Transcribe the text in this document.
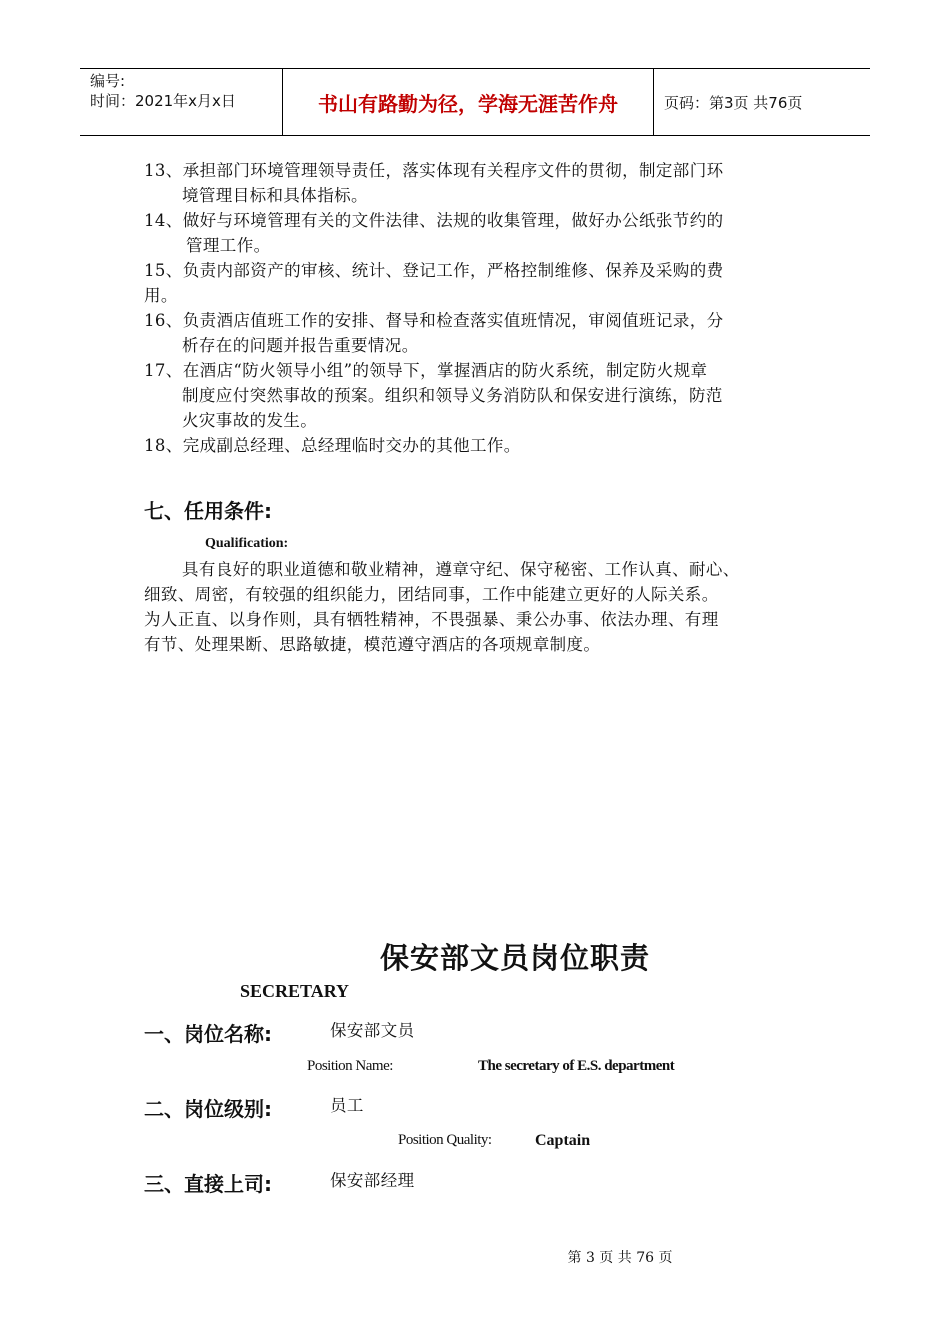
编号:
时间：2021年x月x日	书山有路勤为径，学海无涯苦作舟	页码：第3页 共76页
13、承担部门环境管理领导责任，落实体现有关程序文件的贯彻，制定部门环
境管理目标和具体指标。
14、做好与环境管理有关的文件法律、法规的收集管理，做好办公纸张节约的
管理工作。
15、负责内部资产的审核、统计、登记工作，严格控制维修、保养及采购的费
用。
16、负责酒店值班工作的安排、督导和检查落实值班情况，审阅值班记录，分
析存在的问题并报告重要情况。
17、在酒店“防火领导小组”的领导下，掌握酒店的防火系统，制定防火规章
制度应付突然事故的预案。组织和领导义务消防队和保安进行演练，防范
火灾事故的发生。
18、完成副总经理、总经理临时交办的其他工作。
七、任用条件:
Qualification:
具有良好的职业道德和敬业精神，遵章守纪、保守秘密、工作认真、耐心、
细致、周密，有较强的组织能力，团结同事，工作中能建立更好的人际关系。
为人正直、以身作则，具有牺牲精神，不畏强暴、秉公办事、依法办理、有理
有节、处理果断、思路敏捷，模范遵守酒店的各项规章制度。
保安部文员岗位职责
SECRETARY
一、岗位名称:	保安部文员
Position Name:	The secretary of E.S. department
二、岗位级别:	员工
Position Quality:	Captain
三、直接上司:	保安部经理
第 3 页 共 76 页
